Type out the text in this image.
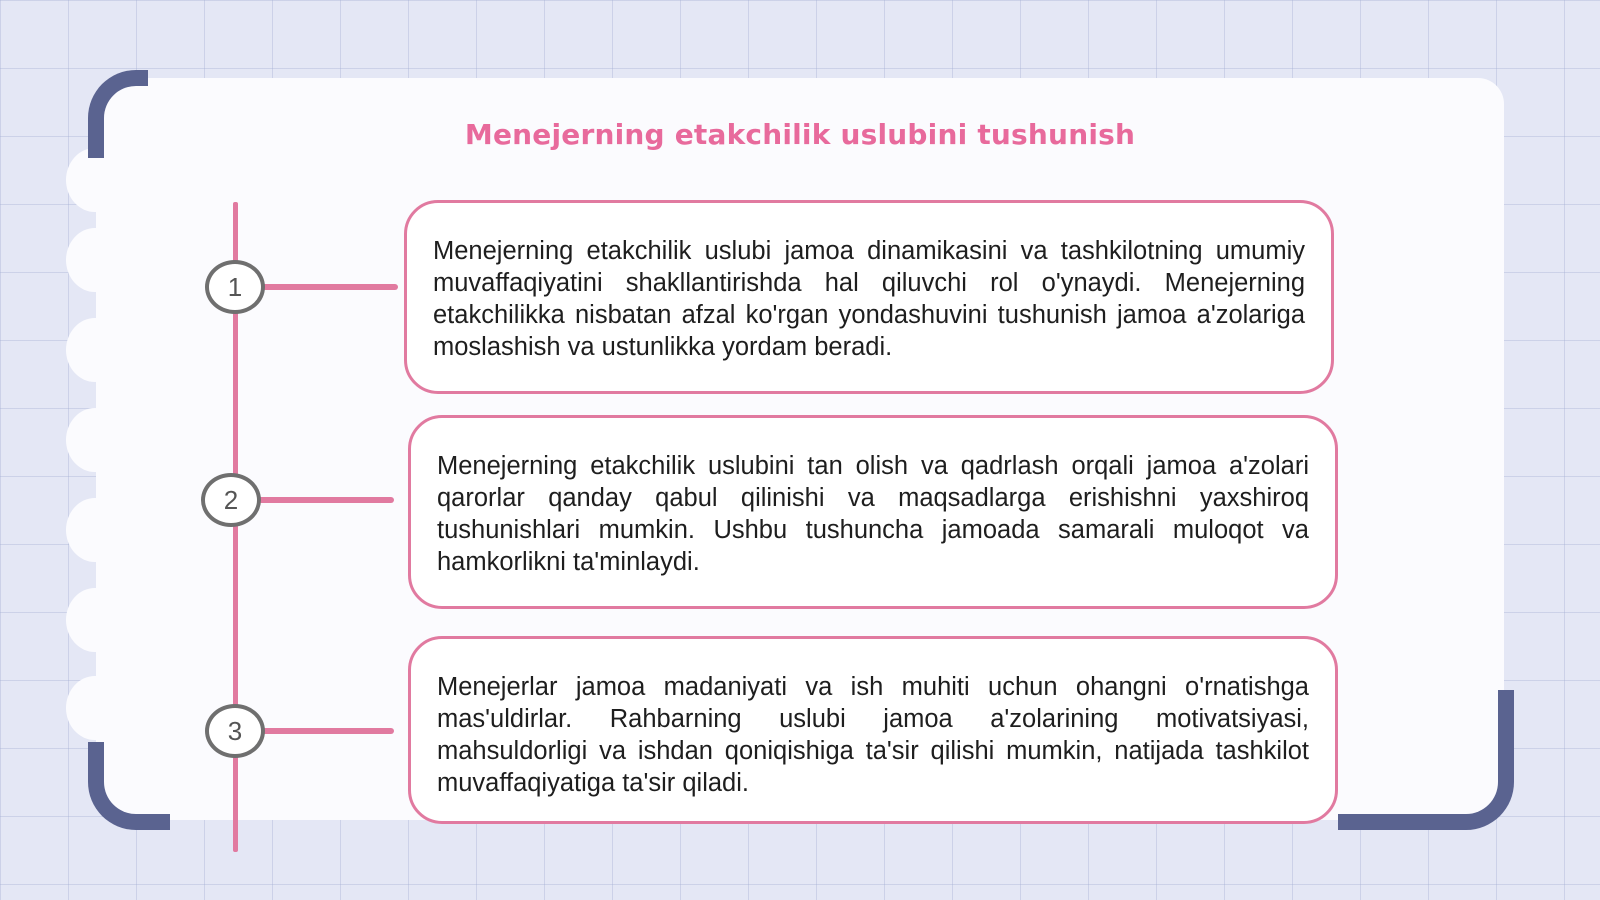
Menejerning etakchilik uslubini tushunish
1

Menejerning etakchilik uslubi jamoa dinamikasini va tashkilotning umumiy muvaffaqiyatini shakllantirishda hal qiluvchi rol o'ynaydi. Menejerning etakchilikka nisbatan afzal ko'rgan yondashuvini tushunish jamoa a'zolariga moslashish va ustunlikka yordam beradi.

2

Menejerning etakchilik uslubini tan olish va qadrlash orqali jamoa a'zolari qarorlar qanday qabul qilinishi va maqsadlarga erishishni yaxshiroq tushunishlari mumkin. Ushbu tushuncha jamoada samarali muloqot va hamkorlikni ta'minlaydi.

3

Menejerlar jamoa madaniyati va ish muhiti uchun ohangni o'rnatishga mas'uldirlar. Rahbarning uslubi jamoa a'zolarining motivatsiyasi, mahsuldorligi va ishdan qoniqishiga ta'sir qilishi mumkin, natijada tashkilot muvaffaqiyatiga ta'sir qiladi.
